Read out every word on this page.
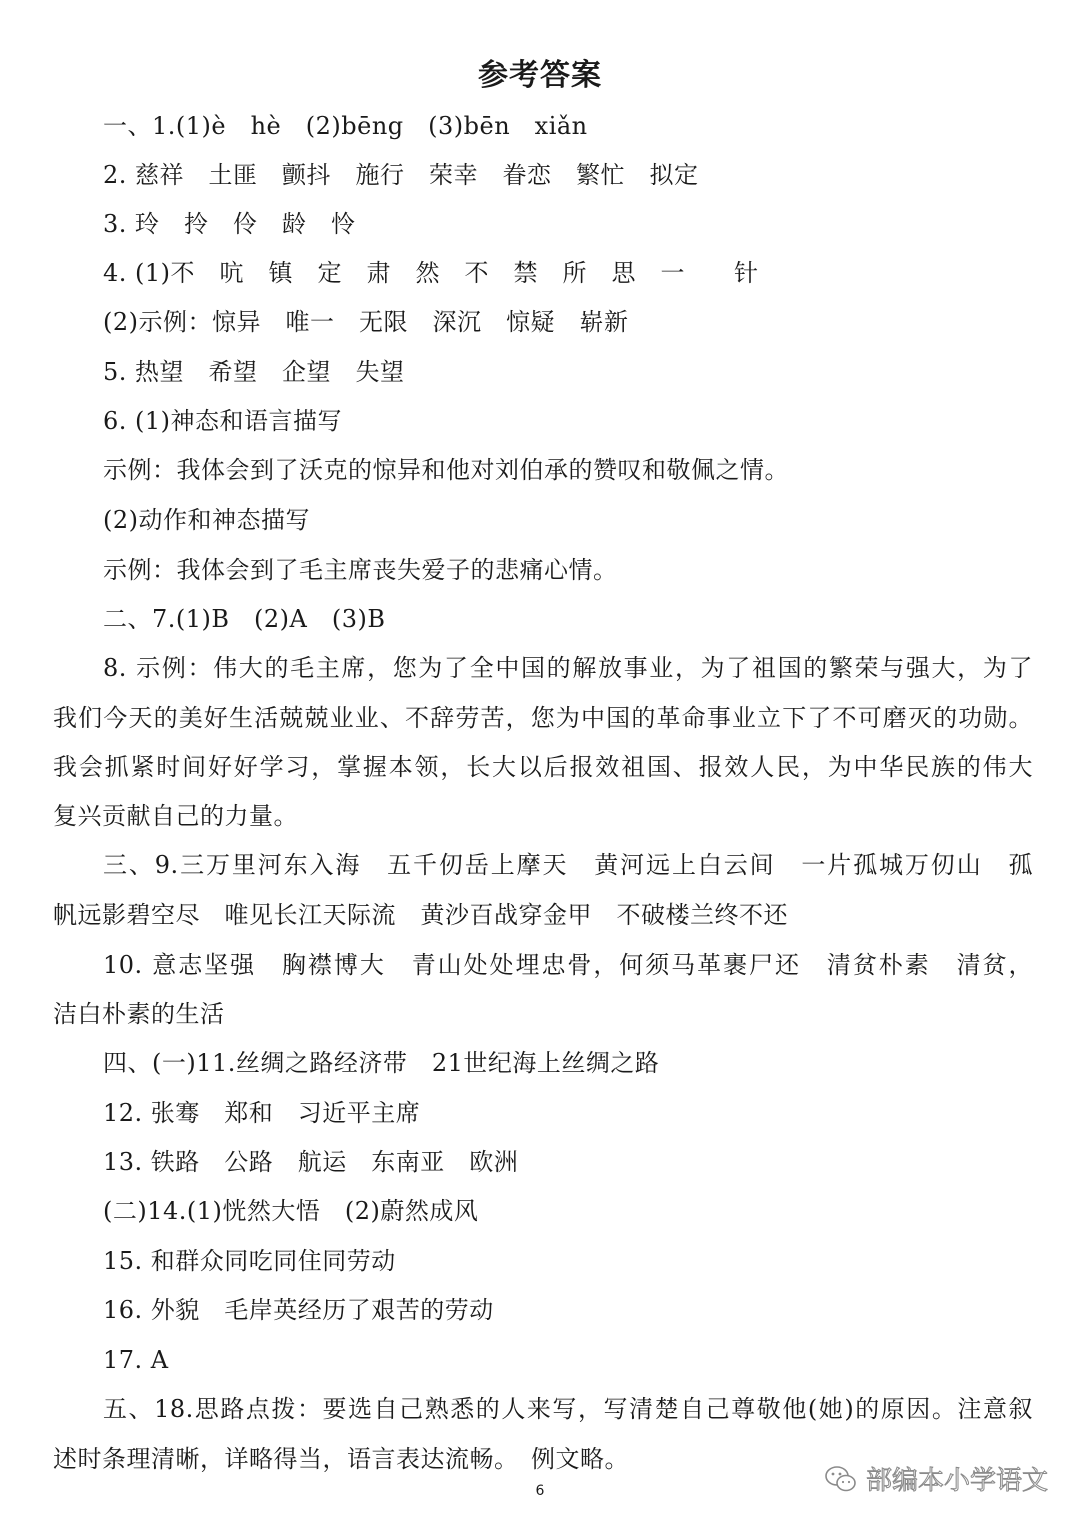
参考答案
一、1.(1)è　hè　(2)bēng　(3)bēn　xiǎn
2. 慈祥　土匪　颤抖　施行　荣幸　眷恋　繁忙　拟定
3. 玲　拎　伶　龄　怜
4. (1)不　吭　镇　定　肃　然　不　禁　所　思　一　　针
(2)示例：惊异　唯一　无限　深沉　惊疑　崭新
5. 热望　希望　企望　失望
6. (1)神态和语言描写
示例：我体会到了沃克的惊异和他对刘伯承的赞叹和敬佩之情。
(2)动作和神态描写
示例：我体会到了毛主席丧失爱子的悲痛心情。
二、7.(1)B　(2)A　(3)B
8. 示例：伟大的毛主席，您为了全中国的解放事业，为了祖国的繁荣与强大，为了
我们今天的美好生活兢兢业业、不辞劳苦，您为中国的革命事业立下了不可磨灭的功勋。
我会抓紧时间好好学习，掌握本领，长大以后报效祖国、报效人民，为中华民族的伟大
复兴贡献自己的力量。
三、9.三万里河东入海　五千仞岳上摩天　黄河远上白云间　一片孤城万仞山　孤
帆远影碧空尽　唯见长江天际流　黄沙百战穿金甲　不破楼兰终不还
10. 意志坚强　胸襟博大　青山处处埋忠骨，何须马革裹尸还　清贫朴素　清贫，
洁白朴素的生活
四、(一)11.丝绸之路经济带　21世纪海上丝绸之路
12. 张骞　郑和　习近平主席
13. 铁路　公路　航运　东南亚　欧洲
(二)14.(1)恍然大悟　(2)蔚然成风
15. 和群众同吃同住同劳动
16. 外貌　毛岸英经历了艰苦的劳动
17. A
五、18.思路点拨：要选自己熟悉的人来写，写清楚自己尊敬他(她)的原因。注意叙
述时条理清晰，详略得当，语言表达流畅。　例文略。
6	部编本小学语文
